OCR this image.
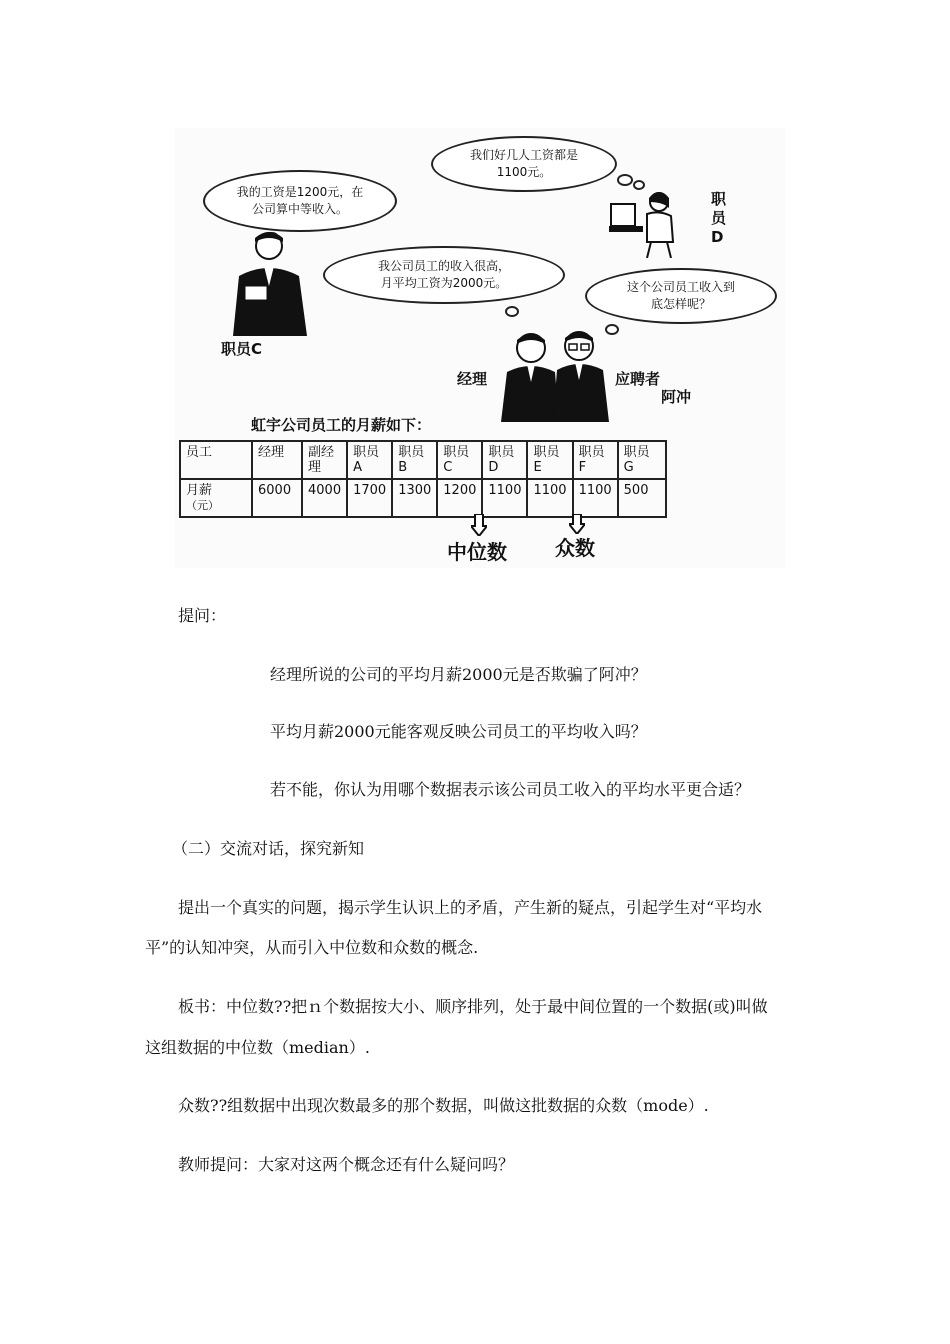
我的工资是1200元，在
公司算中等收入。
我们好几人工资都是
1100元。
我公司员工的收入很高，
月平均工资为2000元。	这个公司员工收入到
底怎样呢？
职员C
职员D
经理	应聘者
阿冲
虹宇公司员工的月薪如下：
员工	经理	副经理	职员A	职员B	职员C	职员D	职员E	职员F	职员G
月薪
（元）	6000	4000	1700	1300	1200	1100	1100	1100	500
中位数 众数
提问：
经理所说的公司的平均月薪2000元是否欺骗了阿冲？
平均月薪2000元能客观反映公司员工的平均收入吗？
若不能，你认为用哪个数据表示该公司员工收入的平均水平更合适？
（二）交流对话，探究新知
提出一个真实的问题，揭示学生认识上的矛盾，产生新的疑点，引起学生对“平均水
平”的认知冲突，从而引入中位数和众数的概念.
板书：中位数??把ｎ个数据按大小、顺序排列，处于最中间位置的一个数据(或)叫做
这组数据的中位数（median）.
众数??组数据中出现次数最多的那个数据，叫做这批数据的众数（mode）.
教师提问：大家对这两个概念还有什么疑问吗？
